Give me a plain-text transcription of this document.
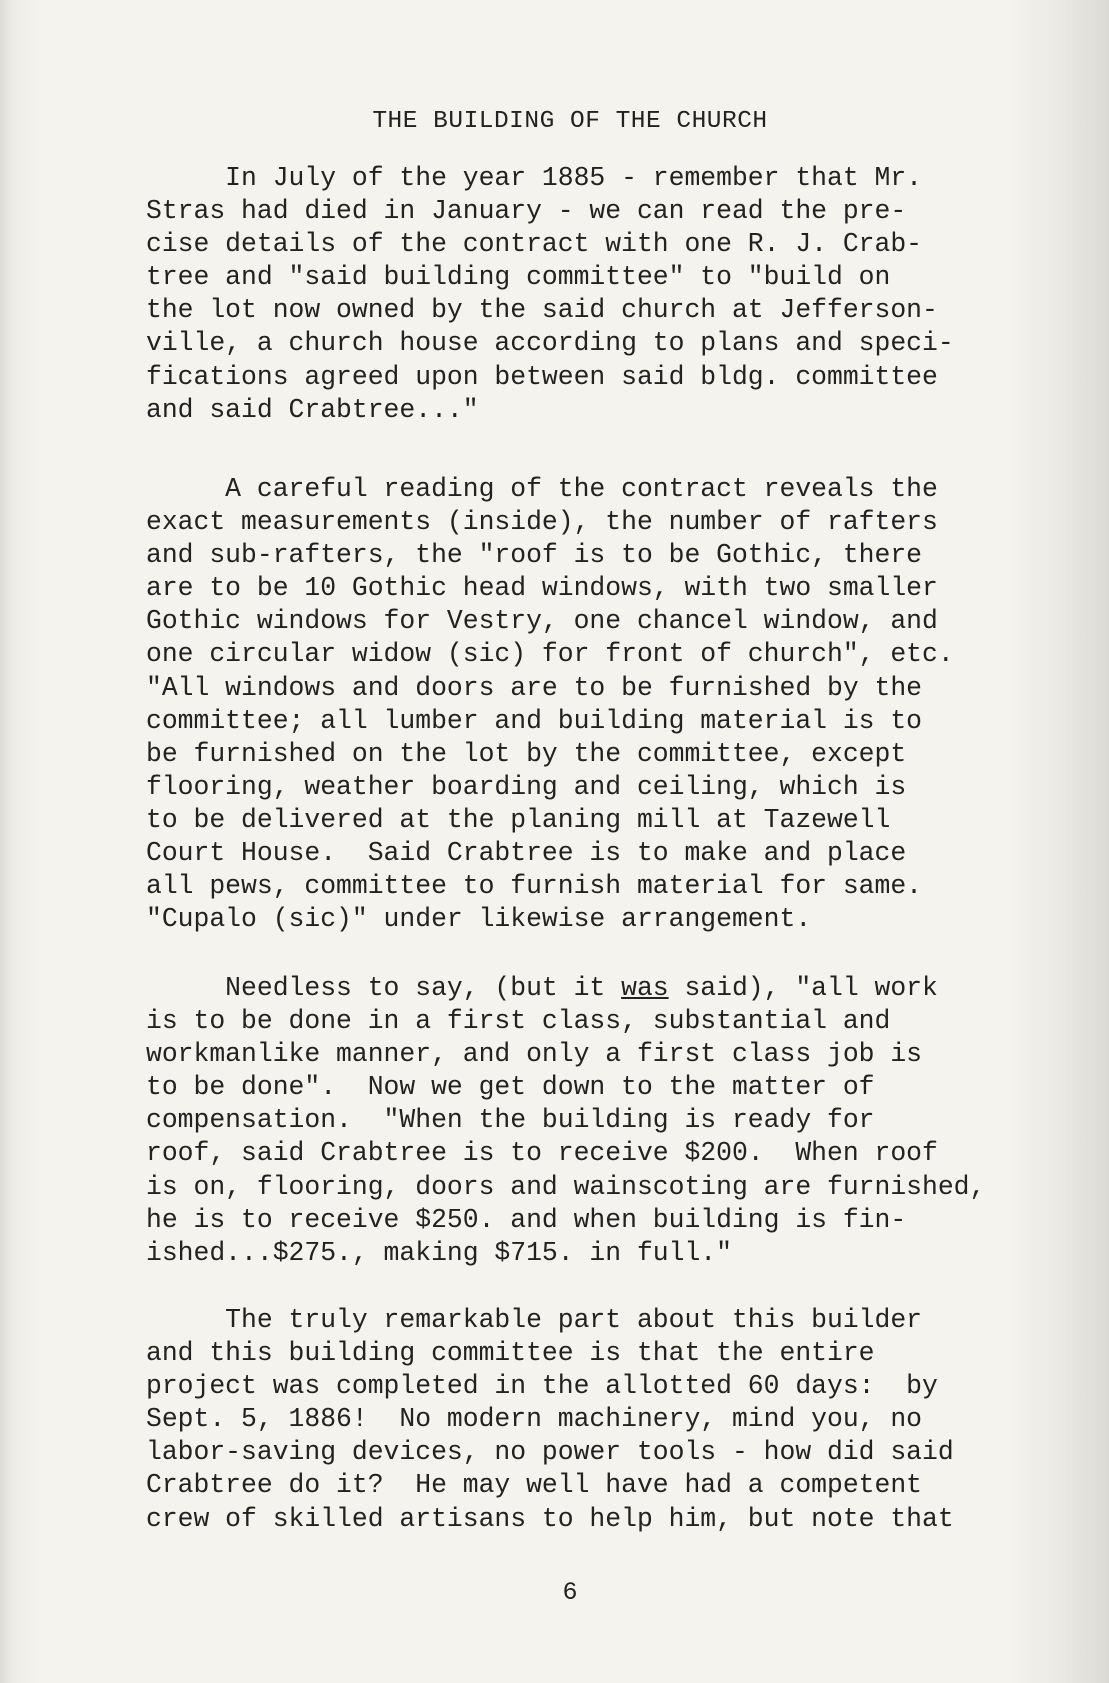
THE BUILDING OF THE CHURCH
In July of the year 1885 - remember that Mr.
Stras had died in January - we can read the pre-
cise details of the contract with one R. J. Crab-
tree and "said building committee" to "build on
the lot now owned by the said church at Jefferson-
ville, a church house according to plans and speci-
fications agreed upon between said bldg. committee
and said Crabtree..."
A careful reading of the contract reveals the
exact measurements (inside), the number of rafters
and sub-rafters, the "roof is to be Gothic, there
are to be 10 Gothic head windows, with two smaller
Gothic windows for Vestry, one chancel window, and
one circular widow (sic) for front of church", etc.
"All windows and doors are to be furnished by the
committee; all lumber and building material is to
be furnished on the lot by the committee, except
flooring, weather boarding and ceiling, which is
to be delivered at the planing mill at Tazewell
Court House.  Said Crabtree is to make and place
all pews, committee to furnish material for same.
"Cupalo (sic)" under likewise arrangement.
Needless to say, (but it was said), "all work
is to be done in a first class, substantial and
workmanlike manner, and only a first class job is
to be done".  Now we get down to the matter of
compensation.  "When the building is ready for
roof, said Crabtree is to receive $200.  When roof
is on, flooring, doors and wainscoting are furnished,
he is to receive $250. and when building is fin-
ished...$275., making $715. in full."
The truly remarkable part about this builder
and this building committee is that the entire
project was completed in the allotted 60 days:  by
Sept. 5, 1886!  No modern machinery, mind you, no
labor-saving devices, no power tools - how did said
Crabtree do it?  He may well have had a competent
crew of skilled artisans to help him, but note that
6
